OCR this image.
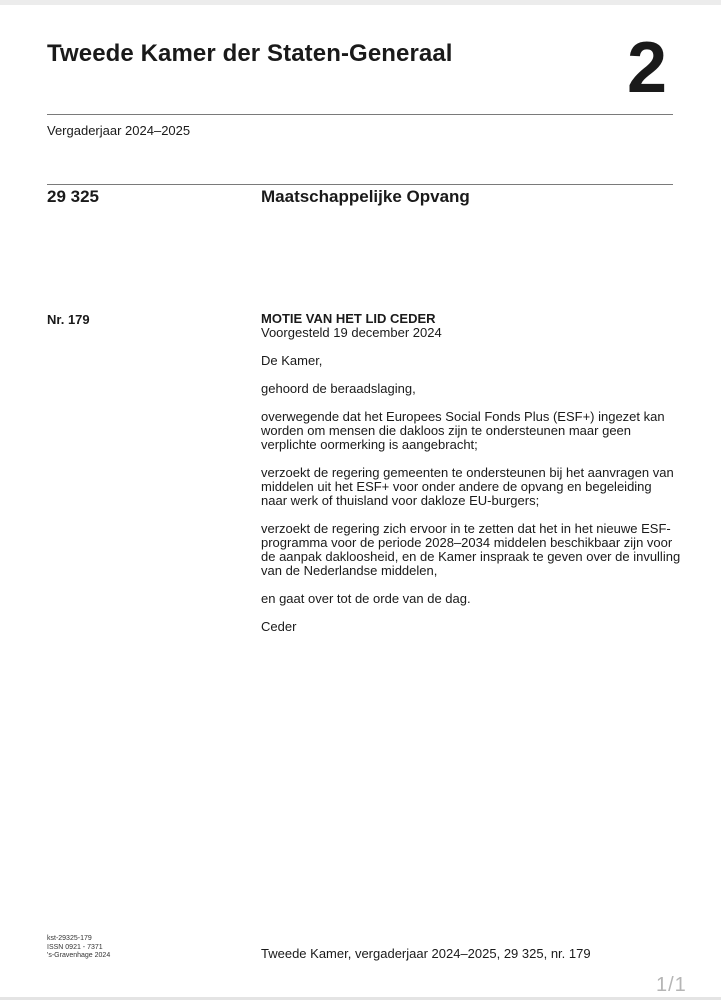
Tweede Kamer der Staten-Generaal 2
Vergaderjaar 2024–2025
29 325	Maatschappelijke Opvang
Nr. 179	MOTIE VAN HET LID CEDER
Voorgesteld 19 december 2024

De Kamer,

gehoord de beraadslaging,

overwegende dat het Europees Social Fonds Plus (ESF+) ingezet kan worden om mensen die dakloos zijn te ondersteunen maar geen verplichte oormerking is aangebracht;

verzoekt de regering gemeenten te ondersteunen bij het aanvragen van middelen uit het ESF+ voor onder andere de opvang en begeleiding naar werk of thuisland voor dakloze EU-burgers;

verzoekt de regering zich ervoor in te zetten dat het in het nieuwe ESF-programma voor de periode 2028–2034 middelen beschikbaar zijn voor de aanpak dakloosheid, en de Kamer inspraak te geven over de invulling van de Nederlandse middelen,

en gaat over tot de orde van de dag.

Ceder

kst-29325-179
ISSN 0921 - 7371
's-Gravenhage 2024	Tweede Kamer, vergaderjaar 2024–2025, 29 325, nr. 179
1/1
